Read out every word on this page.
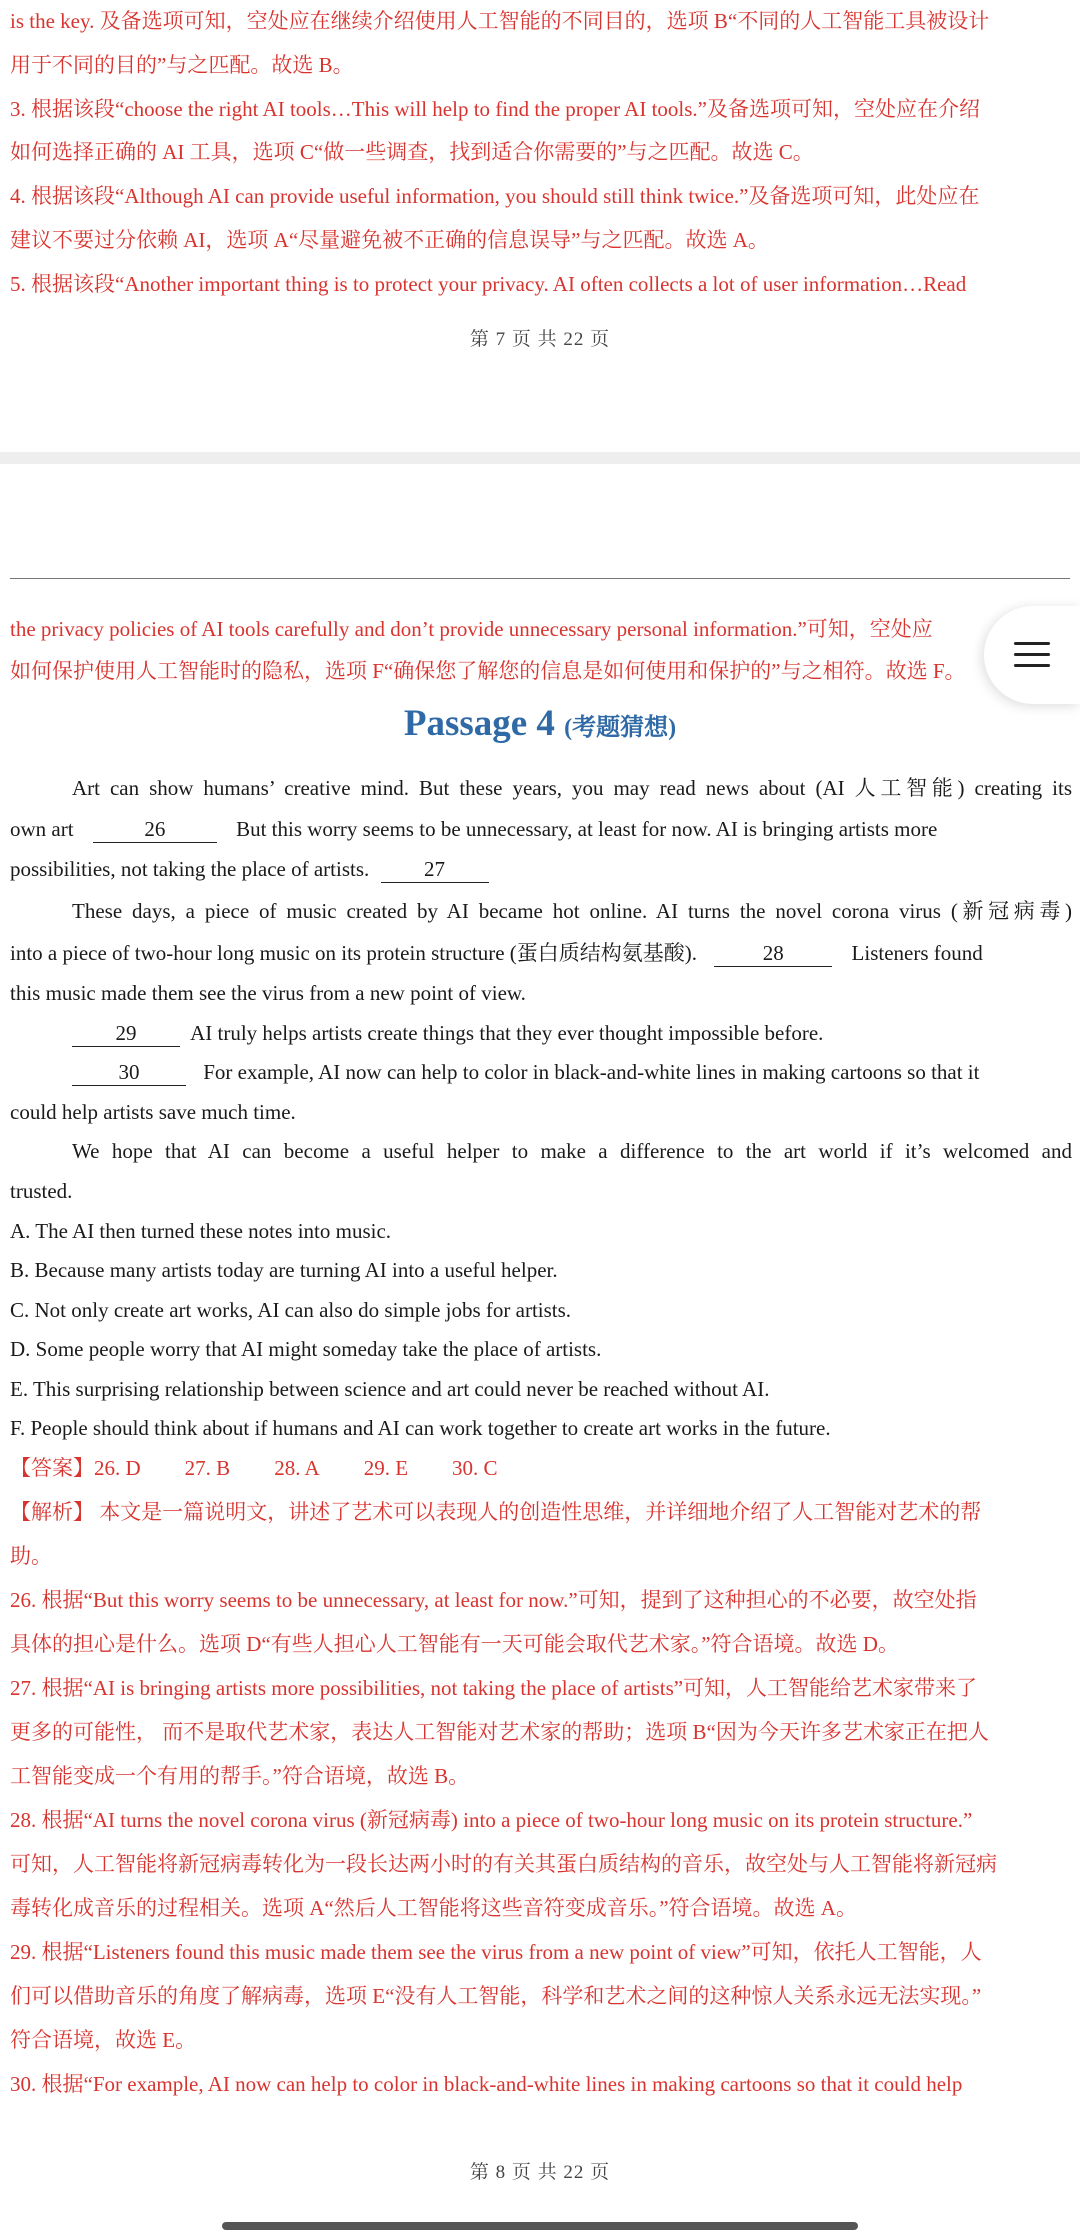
is the key. 及备选项可知，空处应在继续介绍使用人工智能的不同目的，选项 B“不同的人工智能工具被设计
用于不同的目的”与之匹配。故选 B。
3. 根据该段“choose the right AI tools…This will help to find the proper AI tools.”及备选项可知，空处应在介绍
如何选择正确的 AI 工具，选项 C“做一些调查，找到适合你需要的”与之匹配。故选 C。
4. 根据该段“Although AI can provide useful information, you should still think twice.”及备选项可知，此处应在
建议不要过分依赖 AI，选项 A“尽量避免被不正确的信息误导”与之匹配。故选 A。
5. 根据该段“Another important thing is to protect your privacy. AI often collects a lot of user information…Read
第 7 页 共 22 页
the privacy policies of AI tools carefully and don’t provide unnecessary personal information.”可知，空处应
如何保护使用人工智能时的隐私，选项 F“确保您了解您的信息是如何使用和保护的”与之相符。故选 F。
Passage 4 (考题猜想)
Art can show humans’ creative mind. But these years, you may read news about (AI 人工智能) creating its
own art	26	But this worry seems to be unnecessary, at least for now. AI is bringing artists more
possibilities, not taking the place of artists.	27
These days, a piece of music created by AI became hot online. AI turns the novel corona virus (新冠病毒)
into a piece of two-hour long music on its protein structure (蛋白质结构氨基酸).	28	Listeners found
this music made them see the virus from a new point of view.
29	AI truly helps artists create things that they ever thought impossible before.
30	For example, AI now can help to color in black-and-white lines in making cartoons so that it
could help artists save much time.
We hope that AI can become a useful helper to make a difference to the art world if it’s welcomed and
trusted.
A. The AI then turned these notes into music.
B. Because many artists today are turning AI into a useful helper.
C. Not only create art works, AI can also do simple jobs for artists.
D. Some people worry that AI might someday take the place of artists.
E. This surprising relationship between science and art could never be reached without AI.
F. People should think about if humans and AI can work together to create art works in the future.
【答案】26. D 27. B 28. A 29. E 30. C
【解析】 本文是一篇说明文，讲述了艺术可以表现人的创造性思维，并详细地介绍了人工智能对艺术的帮
助。
26. 根据“But this worry seems to be unnecessary, at least for now.”可知，提到了这种担心的不必要，故空处指
具体的担心是什么。选项 D“有些人担心人工智能有一天可能会取代艺术家。”符合语境。故选 D。
27. 根据“AI is bringing artists more possibilities, not taking the place of artists”可知，人工智能给艺术家带来了
更多的可能性， 而不是取代艺术家，表达人工智能对艺术家的帮助；选项 B“因为今天许多艺术家正在把人
工智能变成一个有用的帮手。”符合语境，故选 B。
28. 根据“AI turns the novel corona virus (新冠病毒) into a piece of two-hour long music on its protein structure.”
可知，人工智能将新冠病毒转化为一段长达两小时的有关其蛋白质结构的音乐，故空处与人工智能将新冠病
毒转化成音乐的过程相关。选项 A“然后人工智能将这些音符变成音乐。”符合语境。故选 A。
29. 根据“Listeners found this music made them see the virus from a new point of view”可知，依托人工智能，人
们可以借助音乐的角度了解病毒，选项 E“没有人工智能，科学和艺术之间的这种惊人关系永远无法实现。”
符合语境，故选 E。
30. 根据“For example, AI now can help to color in black-and-white lines in making cartoons so that it could help
第 8 页 共 22 页
